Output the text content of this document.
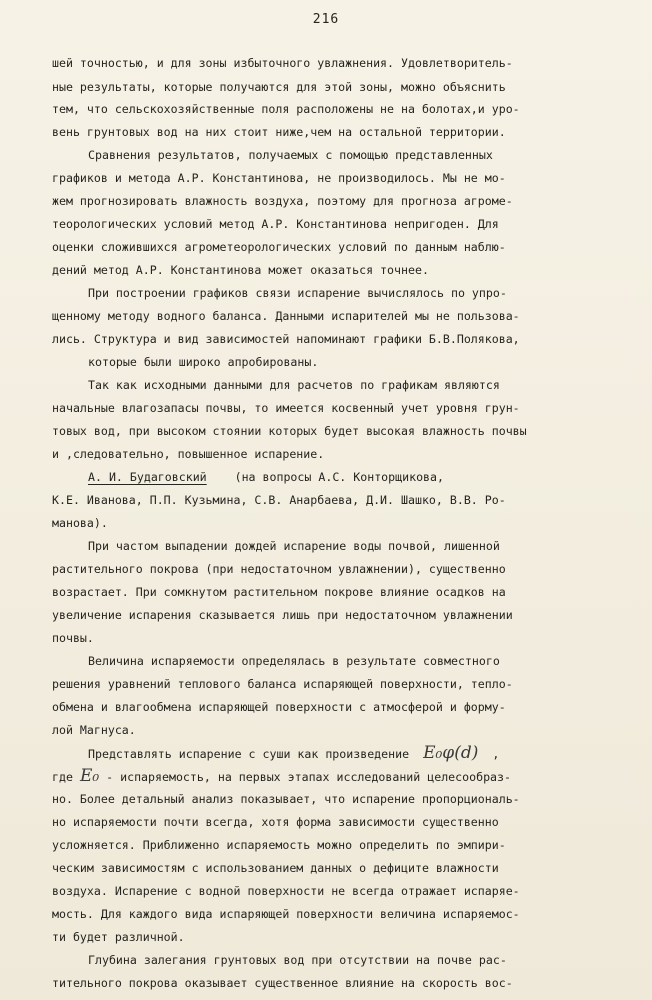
216
шей точностью, и для зоны избыточного увлажнения. Удовлетворитель-
ные результаты, которые получаются для этой зоны, можно объяснить
тем, что сельскохозяйственные поля расположены не на болотах,и уро-
вень грунтовых вод на них стоит ниже,чем на остальной территории.
Сравнения результатов, получаемых с помощью представленных
графиков и метода А.Р. Константинова, не производилось. Мы не мо-
жем прогнозировать влажность воздуха, поэтому для прогноза агроме-
теорологических условий метод А.Р. Константинова непригоден. Для
оценки сложившихся агрометеорологических условий по данным наблю-
дений метод А.Р. Константинова может оказаться точнее.
При построении графиков связи испарение вычислялось по упро-
щенному методу водного баланса. Данными испарителей мы не пользова-
лись. Структура и вид зависимостей напоминают графики Б.В.Полякова,
которые были широко апробированы.
Так как исходными данными для расчетов по графикам являются
начальные влагозапасы почвы, то имеется косвенный учет уровня грун-
товых вод, при высоком стоянии которых будет высокая влажность почвы
и ,следовательно, повышенное испарение.
К.Е. Иванова, П.П. Кузьмина, С.В. Анарбаева, Д.И. Шашко, В.В. Ро-
манова).
При частом выпадении дождей испарение воды почвой, лишенной
растительного покрова (при недостаточном увлажнении), существенно
возрастает. При сомкнутом растительном покрове влияние осадков на
увеличение испарения сказывается лишь при недостаточном увлажнении
почвы.
Величина испаряемости определялась в результате совместного
решения уравнений теплового баланса испаряющей поверхности, тепло-
обмена и влагообмена испаряющей поверхности с атмосферой и форму-
лой Магнуса.
но. Более детальный анализ показывает, что испарение пропорциональ-
но испаряемости почти всегда, хотя форма зависимости существенно
усложняется. Приближенно испаряемость можно определить по эмпири-
ческим зависимостям с использованием данных о дефиците влажности
воздуха. Испарение с водной поверхности не всегда отражает испаряе-
мость. Для каждого вида испаряющей поверхности величина испаряемос-
ти будет различной.
Глубина залегания грунтовых вод при отсутствии на почве рас-
тительного покрова оказывает существенное влияние на скорость вос-
А. И. Будаговский (на вопросы А.С. Конторщикова,
Представлять испарение с суши как произведение E₀φ(d) ,
где E₀ - испаряемость, на первых этапах исследований целесообраз-
